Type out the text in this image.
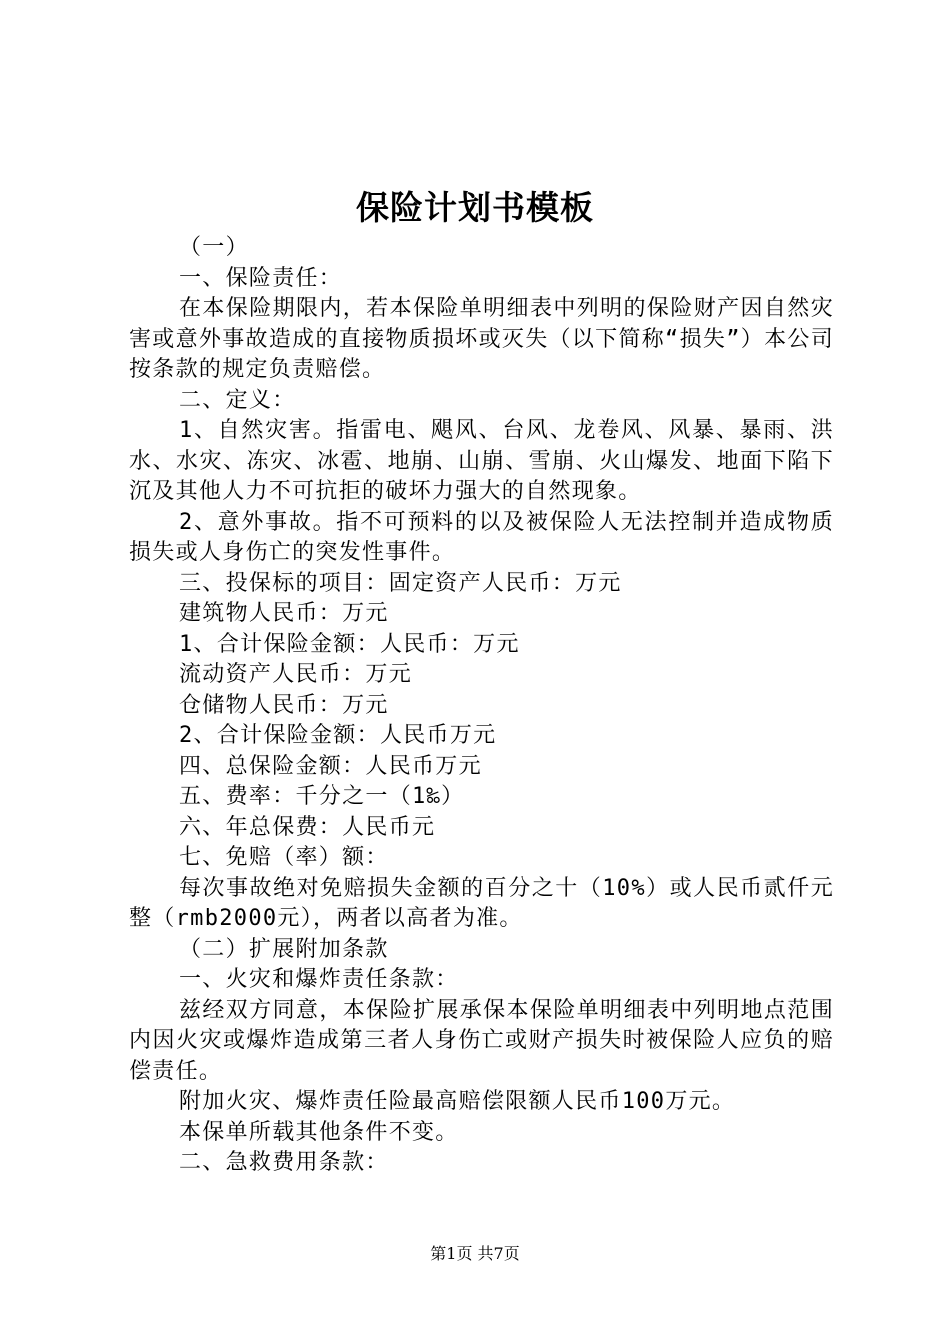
保险计划书模板

（一）

一、保险责任：

在本保险期限内，若本保险单明细表中列明的保险财产因自然灾害或意外事故造成的直接物质损坏或灭失（以下简称“损失”）本公司按条款的规定负责赔偿。

二、定义：

1、自然灾害。指雷电、飓风、台风、龙卷风、风暴、暴雨、洪水、水灾、冻灾、冰雹、地崩、山崩、雪崩、火山爆发、地面下陷下沉及其他人力不可抗拒的破坏力强大的自然现象。

2、意外事故。指不可预料的以及被保险人无法控制并造成物质损失或人身伤亡的突发性事件。

三、投保标的项目：固定资产人民币：万元

建筑物人民币：万元

1、合计保险金额：人民币：万元

流动资产人民币：万元

仓储物人民币：万元

2、合计保险金额：人民币万元

四、总保险金额：人民币万元

五、费率：千分之一（1‰）

六、年总保费：人民币元

七、免赔（率）额：

每次事故绝对免赔损失金额的百分之十（10%）或人民币贰仟元整（rmb2000元），两者以高者为准。

（二）扩展附加条款

一、火灾和爆炸责任条款：

兹经双方同意，本保险扩展承保本保险单明细表中列明地点范围内因火灾或爆炸造成第三者人身伤亡或财产损失时被保险人应负的赔偿责任。

附加火灾、爆炸责任险最高赔偿限额人民币100万元。

本保单所载其他条件不变。

二、急救费用条款：

第1页 共7页
